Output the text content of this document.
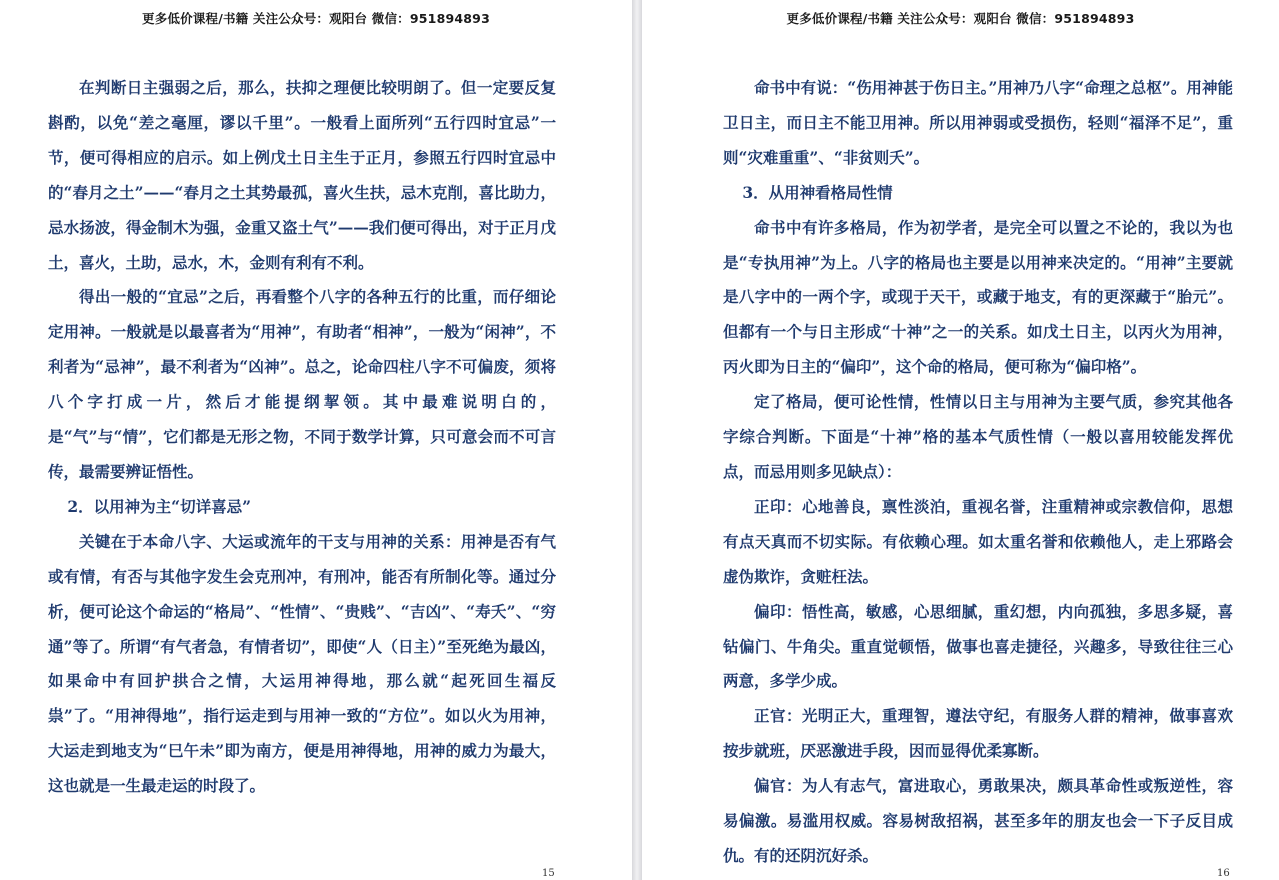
更多低价课程/书籍 关注公众号：观阳台 微信：951894893

在判断日主强弱之后，那么，扶抑之理便比较明朗了。但一定要反复斟酌，以免“差之毫厘，谬以千里”。一般看上面所列“五行四时宜忌”一节，便可得相应的启示。如上例戊土日主生于正月，参照五行四时宜忌中的“春月之土”——“春月之土其势最孤，喜火生扶，忌木克削，喜比助力，忌水扬波，得金制木为强，金重又盗土气”——我们便可得出，对于正月戊土，喜火，土助，忌水，木，金则有利有不利。

得出一般的“宜忌”之后，再看整个八字的各种五行的比重，而仔细论定用神。一般就是以最喜者为“用神”，有助者“相神”，一般为“闲神”，不利者为“忌神”，最不利者为“凶神”。总之，论命四柱八字不可偏废，须将八个字打成一片，然后才能提纲挈领。其中最难说明白的，是“气”与“情”，它们都是无形之物，不同于数学计算，只可意会而不可言传，最需要辨证悟性。

2．以用神为主“切详喜忌”

关键在于本命八字、大运或流年的干支与用神的关系：用神是否有气或有情，有否与其他字发生会克刑冲，有刑冲，能否有所制化等。通过分析，便可论这个命运的“格局”、“性情”、“贵贱”、“吉凶”、“寿夭”、“穷通”等了。所谓“有气者急，有情者切”，即使“人（日主）”至死绝为最凶，如果命中有回护拱合之情，大运用神得地，那么就“起死回生福反祟”了。“用神得地”，指行运走到与用神一致的“方位”。如以火为用神，大运走到地支为“巳午未”即为南方，便是用神得地，用神的威力为最大，这也就是一生最走运的时段了。

15
更多低价课程/书籍 关注公众号：观阳台 微信：951894893

命书中有说：“伤用神甚于伤日主。”用神乃八字“命理之总枢”。用神能卫日主，而日主不能卫用神。所以用神弱或受损伤，轻则“福泽不足”，重则“灾难重重”、“非贫则夭”。

3．从用神看格局性情

命书中有许多格局，作为初学者，是完全可以置之不论的，我以为也是“专执用神”为上。八字的格局也主要是以用神来决定的。“用神”主要就是八字中的一两个字，或现于天干，或藏于地支，有的更深藏于“胎元”。但都有一个与日主形成“十神”之一的关系。如戊土日主，以丙火为用神，丙火即为日主的“偏印”，这个命的格局，便可称为“偏印格”。

定了格局，便可论性情，性情以日主与用神为主要气质，参究其他各字综合判断。下面是“十神”格的基本气质性情（一般以喜用较能发挥优点，而忌用则多见缺点）：

正印：心地善良，禀性淡泊，重视名誉，注重精神或宗教信仰，思想有点天真而不切实际。有依赖心理。如太重名誉和依赖他人，走上邪路会虚伪欺诈，贪赃枉法。

偏印：悟性高，敏感，心思细腻，重幻想，内向孤独，多思多疑，喜钻偏门、牛角尖。重直觉顿悟，做事也喜走捷径，兴趣多，导致往往三心两意，多学少成。

正官：光明正大，重理智，遵法守纪，有服务人群的精神，做事喜欢按步就班，厌恶激进手段，因而显得优柔寡断。

偏官：为人有志气，富进取心，勇敢果决，颇具革命性或叛逆性，容易偏激。易滥用权威。容易树敌招祸，甚至多年的朋友也会一下子反目成仇。有的还阴沉好杀。

16
